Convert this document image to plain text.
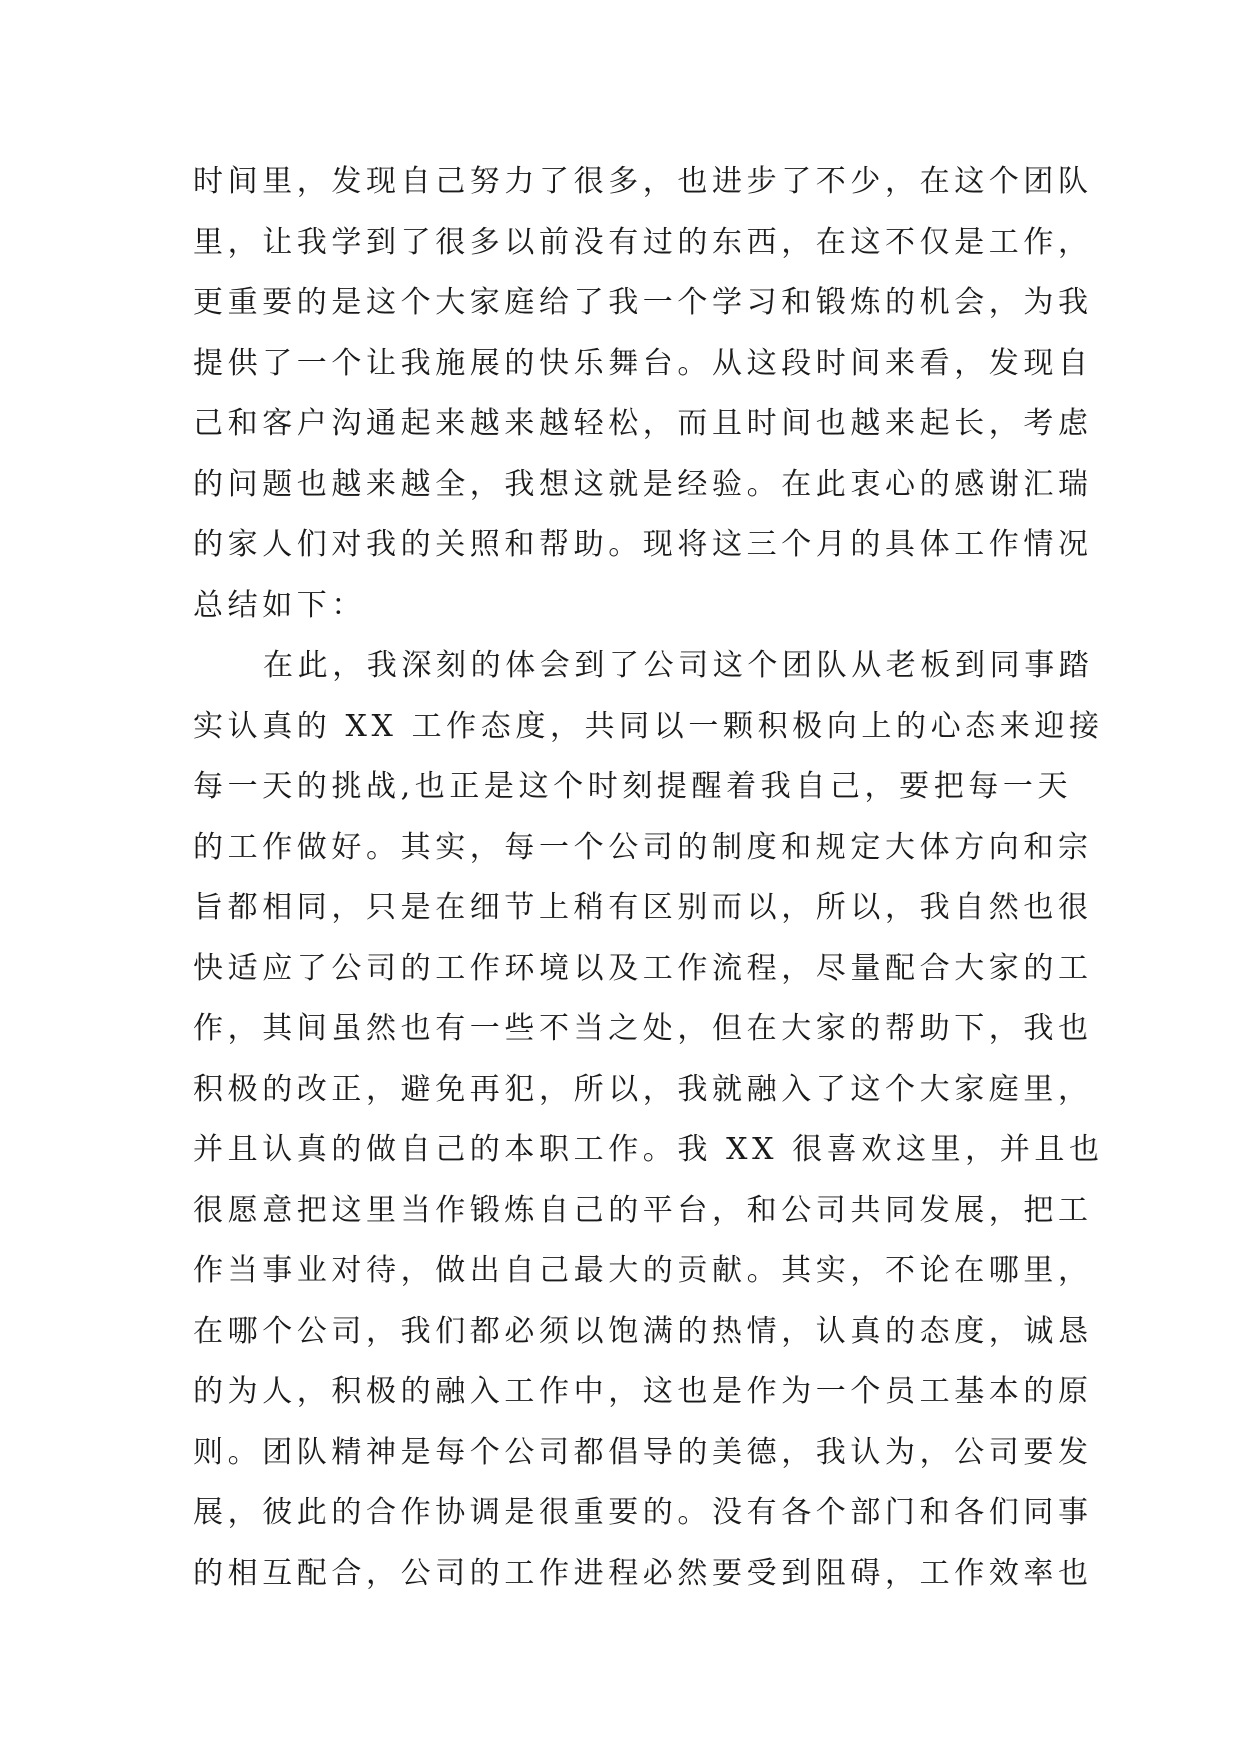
时间里，发现自己努力了很多，也进步了不少，在这个团队
里，让我学到了很多以前没有过的东西，在这不仅是工作，
更重要的是这个大家庭给了我一个学习和锻炼的机会，为我
提供了一个让我施展的快乐舞台。从这段时间来看，发现自
己和客户沟通起来越来越轻松，而且时间也越来起长，考虑
的问题也越来越全，我想这就是经验。在此衷心的感谢汇瑞
的家人们对我的关照和帮助。现将这三个月的具体工作情况
总结如下：
在此，我深刻的体会到了公司这个团队从老板到同事踏
实认真的 XX 工作态度，共同以一颗积极向上的心态来迎接
每一天的挑战,也正是这个时刻提醒着我自己，要把每一天
的工作做好。其实，每一个公司的制度和规定大体方向和宗
旨都相同，只是在细节上稍有区别而以，所以，我自然也很
快适应了公司的工作环境以及工作流程，尽量配合大家的工
作，其间虽然也有一些不当之处，但在大家的帮助下，我也
积极的改正，避免再犯，所以，我就融入了这个大家庭里，
并且认真的做自己的本职工作。我 XX 很喜欢这里，并且也
很愿意把这里当作锻炼自己的平台，和公司共同发展，把工
作当事业对待，做出自己最大的贡献。其实，不论在哪里，
在哪个公司，我们都必须以饱满的热情，认真的态度，诚恳
的为人，积极的融入工作中，这也是作为一个员工基本的原
则。团队精神是每个公司都倡导的美德，我认为，公司要发
展，彼此的合作协调是很重要的。没有各个部门和各们同事
的相互配合，公司的工作进程必然要受到阻碍，工作效率也
